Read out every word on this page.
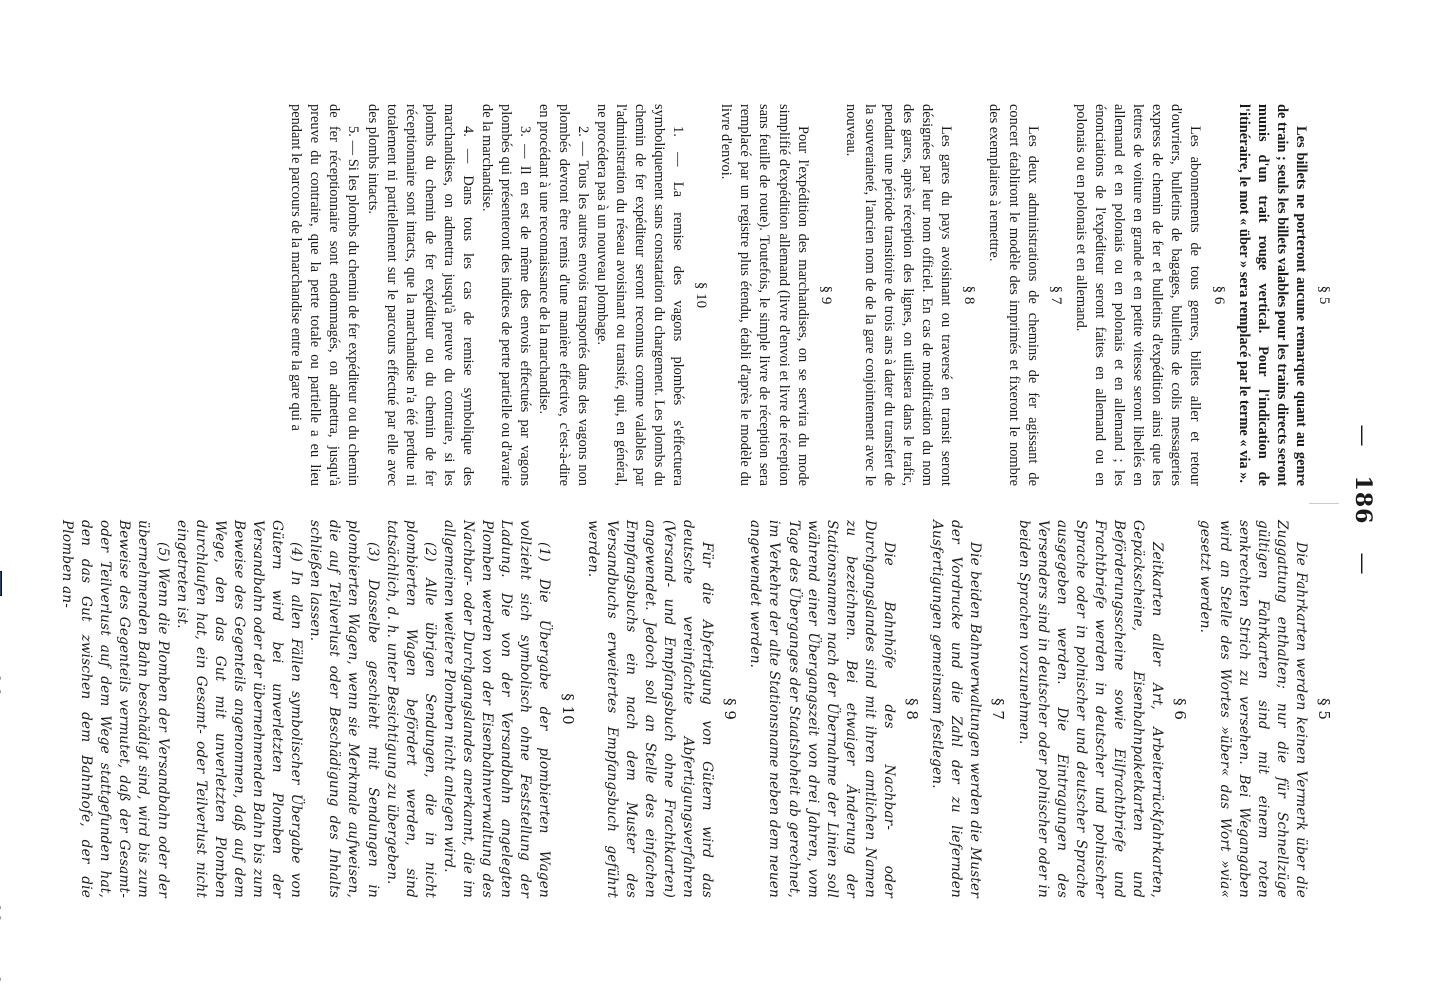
—186—
§ 5

Les billets ne porteront aucune remarque quant au genre de train ; seuls les billets valables pour les trains directs seront munis d'un trait rouge vertical. Pour l'indication de l'itinéraire, le mot « über » sera remplacé par le terme « via ».

§ 6

Les abonnements de tous genres, billets aller et retour d'ouvriers, bulletins de bagages, bulletins de colis messageries express de chemin de fer et bulletins d'expédition ainsi que les lettres de voiture en grande et en petite vitesse seront libellés en allemand et en polonais ou en polonais et en allemand ; les énonciations de l'expéditeur seront faites en allemand ou en polonais ou en polonais et en allemand.

§ 7

Les deux administrations de chemins de fer agissant de concert établiront le modèle des imprimés et fixeront le nombre des exemplaires à remettre.

§ 8

Les gares du pays avoisinant ou traversé en transit seront désignées par leur nom officiel. En cas de modification du nom des gares, après réception des lignes, on utilisera dans le trafic, pendant une période transitoire de trois ans à dater du transfert de la souveraineté, l'ancien nom de de la gare conjointement avec le nouveau.

§ 9

Pour l'expédition des marchandises, on se servira du mode simplifié d'expédition allemand (livre d'envoi et livre de réception sans feuille de route). Toutefois, le simple livre de réception sera remplacé par un registre plus étendu, établi d'après le modèle du livre d'envoi.

§ 10

1. — La remise des vagons plombés s'effectuera symboliquement sans constatation du chargement. Les plombs du chemin de fer expéditeur seront reconnus comme valables par l'administration du réseau avoisinant ou transité, qui, en général, ne procédera pas à un nouveau plombage.

2. — Tous les autres envois transportés dans des vagons non plombés devront être remis d'une manière effective, c'est-à-dire en procédant à une reconnaissance de la marchandise.

3. — Il en est de même des envois effectués par vagons plombés qui présenteront des indices de perte partielle ou d'avarie de la marchandise.

4. — Dans tous les cas de remise symbolique des marchandises, on admettra jusqu'à preuve du contraire, si les plombs du chemin de fer expéditeur ou du chemin de fer réceptionnaire sont intacts, que la marchandise n'a été perdue ni totalement ni partiellement sur le parcours effectué par elle avec des plombs intacts.

5. — Si les plombs du chemin de fer expéditeur ou du chemin de fer réceptionnaire sont endommagés, on admettra, jusqu'à preuve du contraire, que la perte totale ou partielle a eu lieu pendant le parcours de la marchandise entre la gare qui a

§ 5

Die Fahrkarten werden keinen Vermerk über die Zuggattung enthalten; nur die für Schnellzüge gültigen Fahrkarten sind mit einem roten senkrechten Strich zu versehen. Bei Wegangaben wird an Stelle des Wortes »über« das Wort »via« gesetzt werden.

§ 6

Zeitkarten aller Art, Arbeiterrückfahrkarten, Gepäckscheine, Eisenbahnpaketkarten und Beförderungsscheine sowie Eilfrachtbriefe und Frachtbriefe werden in deutscher und polnischer Sprache oder in polnischer und deutscher Sprache ausgegeben werden. Die Eintragungen des Versenders sind in deutscher oder polnischer oder in beiden Sprachen vorzunehmen.

§ 7

Die beiden Bahnverwaltungen werden die Muster der Vordrucke und die Zahl der zu liefernden Ausfertigungen gemeinsam festlegen.

§ 8

Die Bahnhöfe des Nachbar- oder Durchgangslandes sind mit ihren amtlichen Namen zu bezeichnen. Bei etwaiger Änderung der Stationsnamen nach der Übernahme der Linien soll während einer Übergangszeit von drei Jahren, vom Tage des Überganges der Staatshoheit ab gerechnet, im Verkehre der alte Stationsname neben dem neuen angewendet werden.

§ 9

Für die Abfertigung von Gütern wird das deutsche vereinfachte Abfertigungsverfahren (Versand- und Empfangsbuch ohne Frachtkarten) angewendet. Jedoch soll an Stelle des einfachen Empfangsbuchs ein nach dem Muster des Versandbuchs erweitertes Empfangsbuch geführt werden.

§ 10

(1) Die Übergabe der plombierten Wagen vollzieht sich symbolisch ohne Feststellung der Ladung. Die von der Versandbahn angelegten Plomben werden von der Eisenbahnverwaltung des Nachbar- oder Durchgangslandes anerkannt, die im allgemeinen weitere Plomben nicht anlegen wird.

(2) Alle übrigen Sendungen, die in nicht plombierten Wagen befördert werden, sind tatsächlich, d. h. unter Besichtigung zu übergeben.

(3) Dasselbe geschieht mit Sendungen in plombierten Wagen, wenn sie Merkmale aufweisen, die auf Teilverlust oder Beschädigung des Inhalts schließen lassen.

(4) In allen Fällen symbolischer Übergabe von Gütern wird bei unverletzten Plomben der Versandbahn oder der übernehmenden Bahn bis zum Beweise des Gegenteils angenommen, daß auf dem Wege, den das Gut mit unverletzten Plomben durchlaufen hat, ein Gesamt- oder Teilverlust nicht eingetreten ist.

(5) Wenn die Plomben der Versandbahn oder der übernehmenden Bahn beschädigt sind, wird bis zum Beweise des Gegenteils vermutet, daß der Gesamt- oder Teilverlust auf dem Wege stattgefunden hat, den das Gut zwischen dem Bahnhofe, der die Plomben an-
